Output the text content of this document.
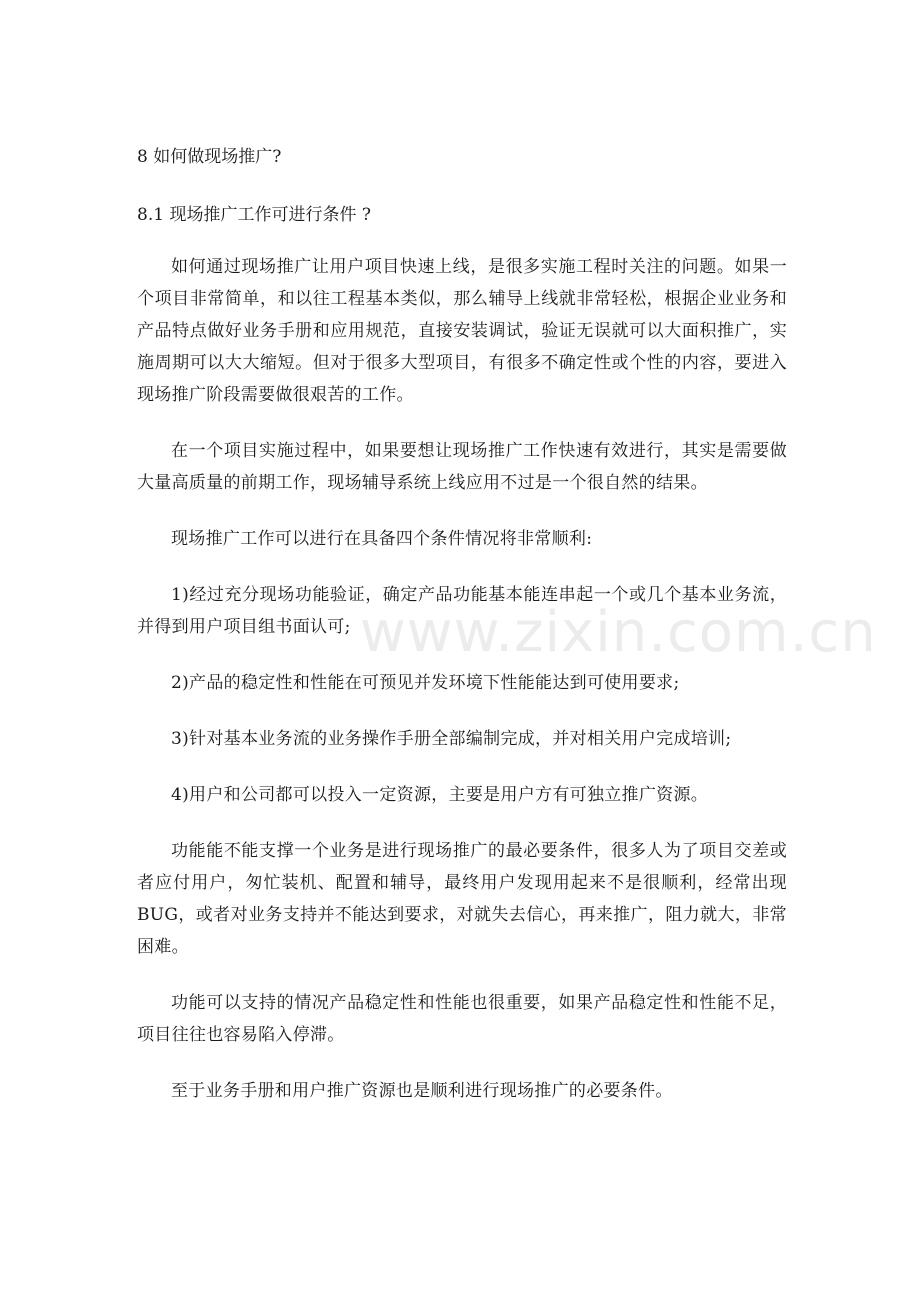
www.zixin.com.cn

8 如何做现场推广?

8.1 现场推广工作可进行条件 ?

如何通过现场推广让用户项目快速上线，是很多实施工程时关注的问题。如果一个项目非常简单，和以往工程基本类似，那么辅导上线就非常轻松，根据企业业务和产品特点做好业务手册和应用规范，直接安装调试，验证无误就可以大面积推广，实施周期可以大大缩短。但对于很多大型项目，有很多不确定性或个性的内容，要进入现场推广阶段需要做很艰苦的工作。

在一个项目实施过程中，如果要想让现场推广工作快速有效进行，其实是需要做大量高质量的前期工作，现场辅导系统上线应用不过是一个很自然的结果。

现场推广工作可以进行在具备四个条件情况将非常顺利:

1)经过充分现场功能验证，确定产品功能基本能连串起一个或几个基本业务流，并得到用户项目组书面认可;

2)产品的稳定性和性能在可预见并发环境下性能能达到可使用要求;

3)针对基本业务流的业务操作手册全部编制完成，并对相关用户完成培训;

4)用户和公司都可以投入一定资源，主要是用户方有可独立推广资源。

功能能不能支撑一个业务是进行现场推广的最必要条件，很多人为了项目交差或者应付用户，匆忙装机、配置和辅导，最终用户发现用起来不是很顺利，经常出现 BUG，或者对业务支持并不能达到要求，对就失去信心，再来推广，阻力就大，非常困难。

功能可以支持的情况产品稳定性和性能也很重要，如果产品稳定性和性能不足，项目往往也容易陷入停滞。

至于业务手册和用户推广资源也是顺利进行现场推广的必要条件。
